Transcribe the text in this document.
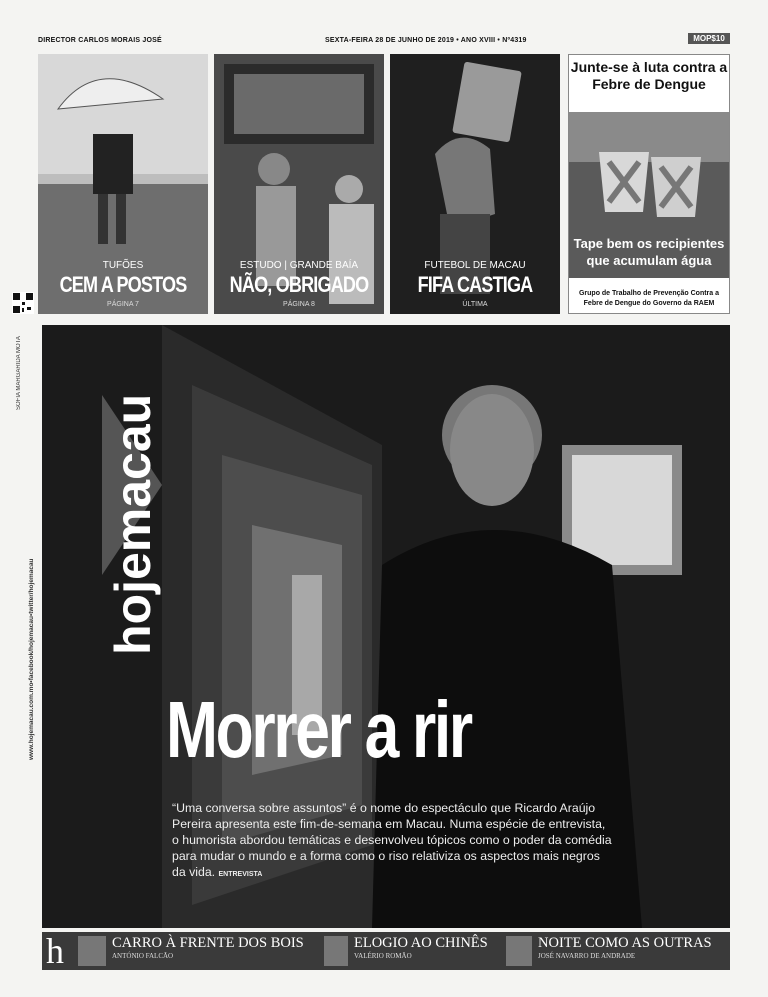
DIRECTOR CARLOS MORAIS JOSÉ	SEXTA-FEIRA 28 DE JUNHO DE 2019 • ANO XVIII • Nº4319	MOP$10
TUFÕES
CEM A POSTOS
PÁGINA 7
ESTUDO | GRANDE BAÍA
NÃO, OBRIGADO
PÁGINA 8
FUTEBOL DE MACAU
FIFA CASTIGA
ÚLTIMA
Junte-se à luta contra a Febre de Dengue
Tape bem os recipientes que acumulam água
Grupo de Trabalho de Prevenção Contra a Febre de Dengue do Governo da RAEM
SOFIA MARGARIDA MOTA
www.hojemacau.com.mo•facebook/hojemacau•twitter/hojemacau
hojemacau
Morrer a rir
“Uma conversa sobre assuntos” é o nome do espectáculo que Ricardo Araújo Pereira apresenta este fim-de-semana em Macau. Numa espécie de entrevista, o humorista abordou temáticas e desenvolveu tópicos como o poder da comédia para mudar o mundo e a forma como o riso relativiza os aspectos mais negros da vida. ENTREVISTA
h	CARRO À FRENTE DOS BOIS
ANTÓNIO FALCÃO
ELOGIO AO CHINÊS
VALÉRIO ROMÃO
NOITE COMO AS OUTRAS
JOSÉ NAVARRO DE ANDRADE
